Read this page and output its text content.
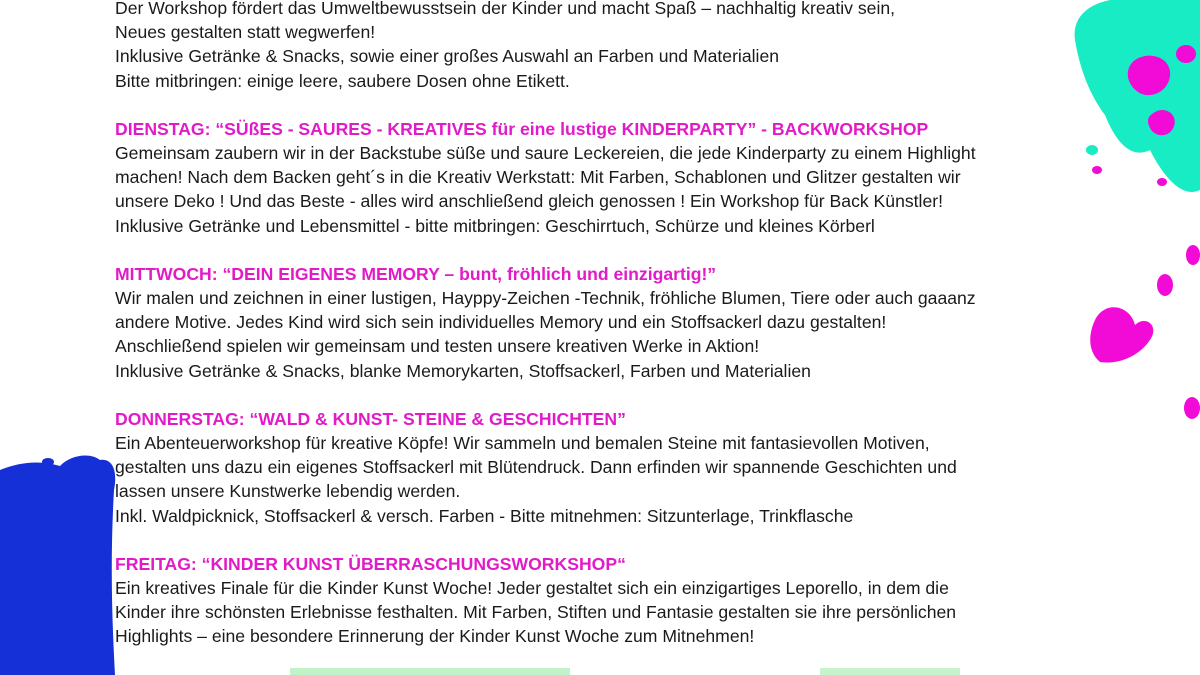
Der Workshop fördert das Umweltbewusstsein der Kinder und macht Spaß – nachhaltig kreativ sein,

Neues gestalten statt wegwerfen!

Inklusive Getränke & Snacks, sowie einer großes Auswahl an Farben und Materialien

Bitte mitbringen: einige leere, saubere Dosen ohne Etikett.

DIENSTAG: “SÜßES - SAURES - KREATIVES für eine lustige KINDERPARTY” - BACKWORKSHOP

Gemeinsam zaubern wir in der Backstube süße und saure Leckereien, die jede Kinderparty zu einem Highlight

machen! Nach dem Backen geht´s in die Kreativ Werkstatt: Mit Farben, Schablonen und Glitzer gestalten wir

unsere Deko ! Und das Beste - alles wird anschließend gleich genossen ! Ein Workshop für Back Künstler!

Inklusive Getränke und Lebensmittel - bitte mitbringen: Geschirrtuch, Schürze und kleines Körberl

MITTWOCH: “DEIN EIGENES MEMORY – bunt, fröhlich und einzigartig!”

Wir malen und zeichnen in einer lustigen, Hayppy-Zeichen -Technik, fröhliche Blumen, Tiere oder auch gaaanz

andere Motive. Jedes Kind wird sich sein individuelles Memory und ein Stoffsackerl dazu gestalten!

Anschließend spielen wir gemeinsam und testen unsere kreativen Werke in Aktion!

Inklusive Getränke & Snacks, blanke Memorykarten, Stoffsackerl, Farben und Materialien

DONNERSTAG: “WALD & KUNST- STEINE & GESCHICHTEN”

Ein Abenteuerworkshop für kreative Köpfe! Wir sammeln und bemalen Steine mit fantasievollen Motiven,

gestalten uns dazu ein eigenes Stoffsackerl mit Blütendruck. Dann erfinden wir spannende Geschichten und

lassen unsere Kunstwerke lebendig werden.

Inkl. Waldpicknick, Stoffsackerl & versch. Farben - Bitte mitnehmen: Sitzunterlage, Trinkflasche

FREITAG: “KINDER KUNST ÜBERRASCHUNGSWORKSHOP“

Ein kreatives Finale für die Kinder Kunst Woche! Jeder gestaltet sich ein einzigartiges Leporello, in dem die

Kinder ihre schönsten Erlebnisse festhalten. Mit Farben, Stiften und Fantasie gestalten sie ihre persönlichen

Highlights – eine besondere Erinnerung der Kinder Kunst Woche zum Mitnehmen!
